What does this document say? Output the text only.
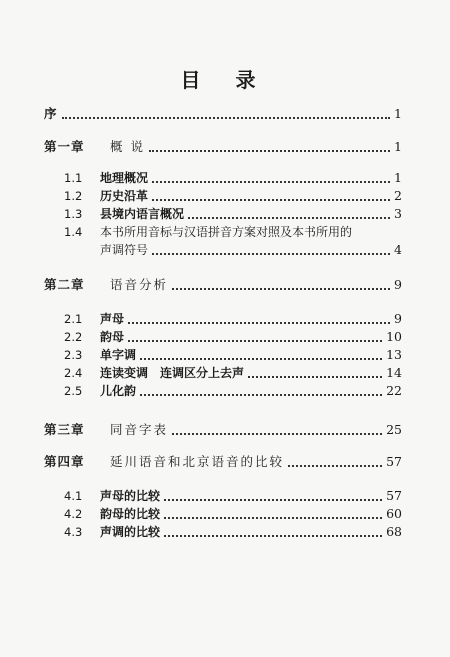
目 录
序	1
第一章	概 说	1
1.1	地理概况	1
1.2	历史沿革	2
1.3	县境内语言概况	3
1.4	本书所用音标与汉语拼音方案对照及本书所用的
声调符号	4
第二章	语音分析	9
2.1	声母	9
2.2	韵母	10
2.3	单字调	13
2.4	连读变调　连调区分上去声	14
2.5	儿化韵	22
第三章	同音字表	25
第四章	延川语音和北京语音的比较	57
4.1	声母的比较	57
4.2	韵母的比较	60
4.3	声调的比较	68
